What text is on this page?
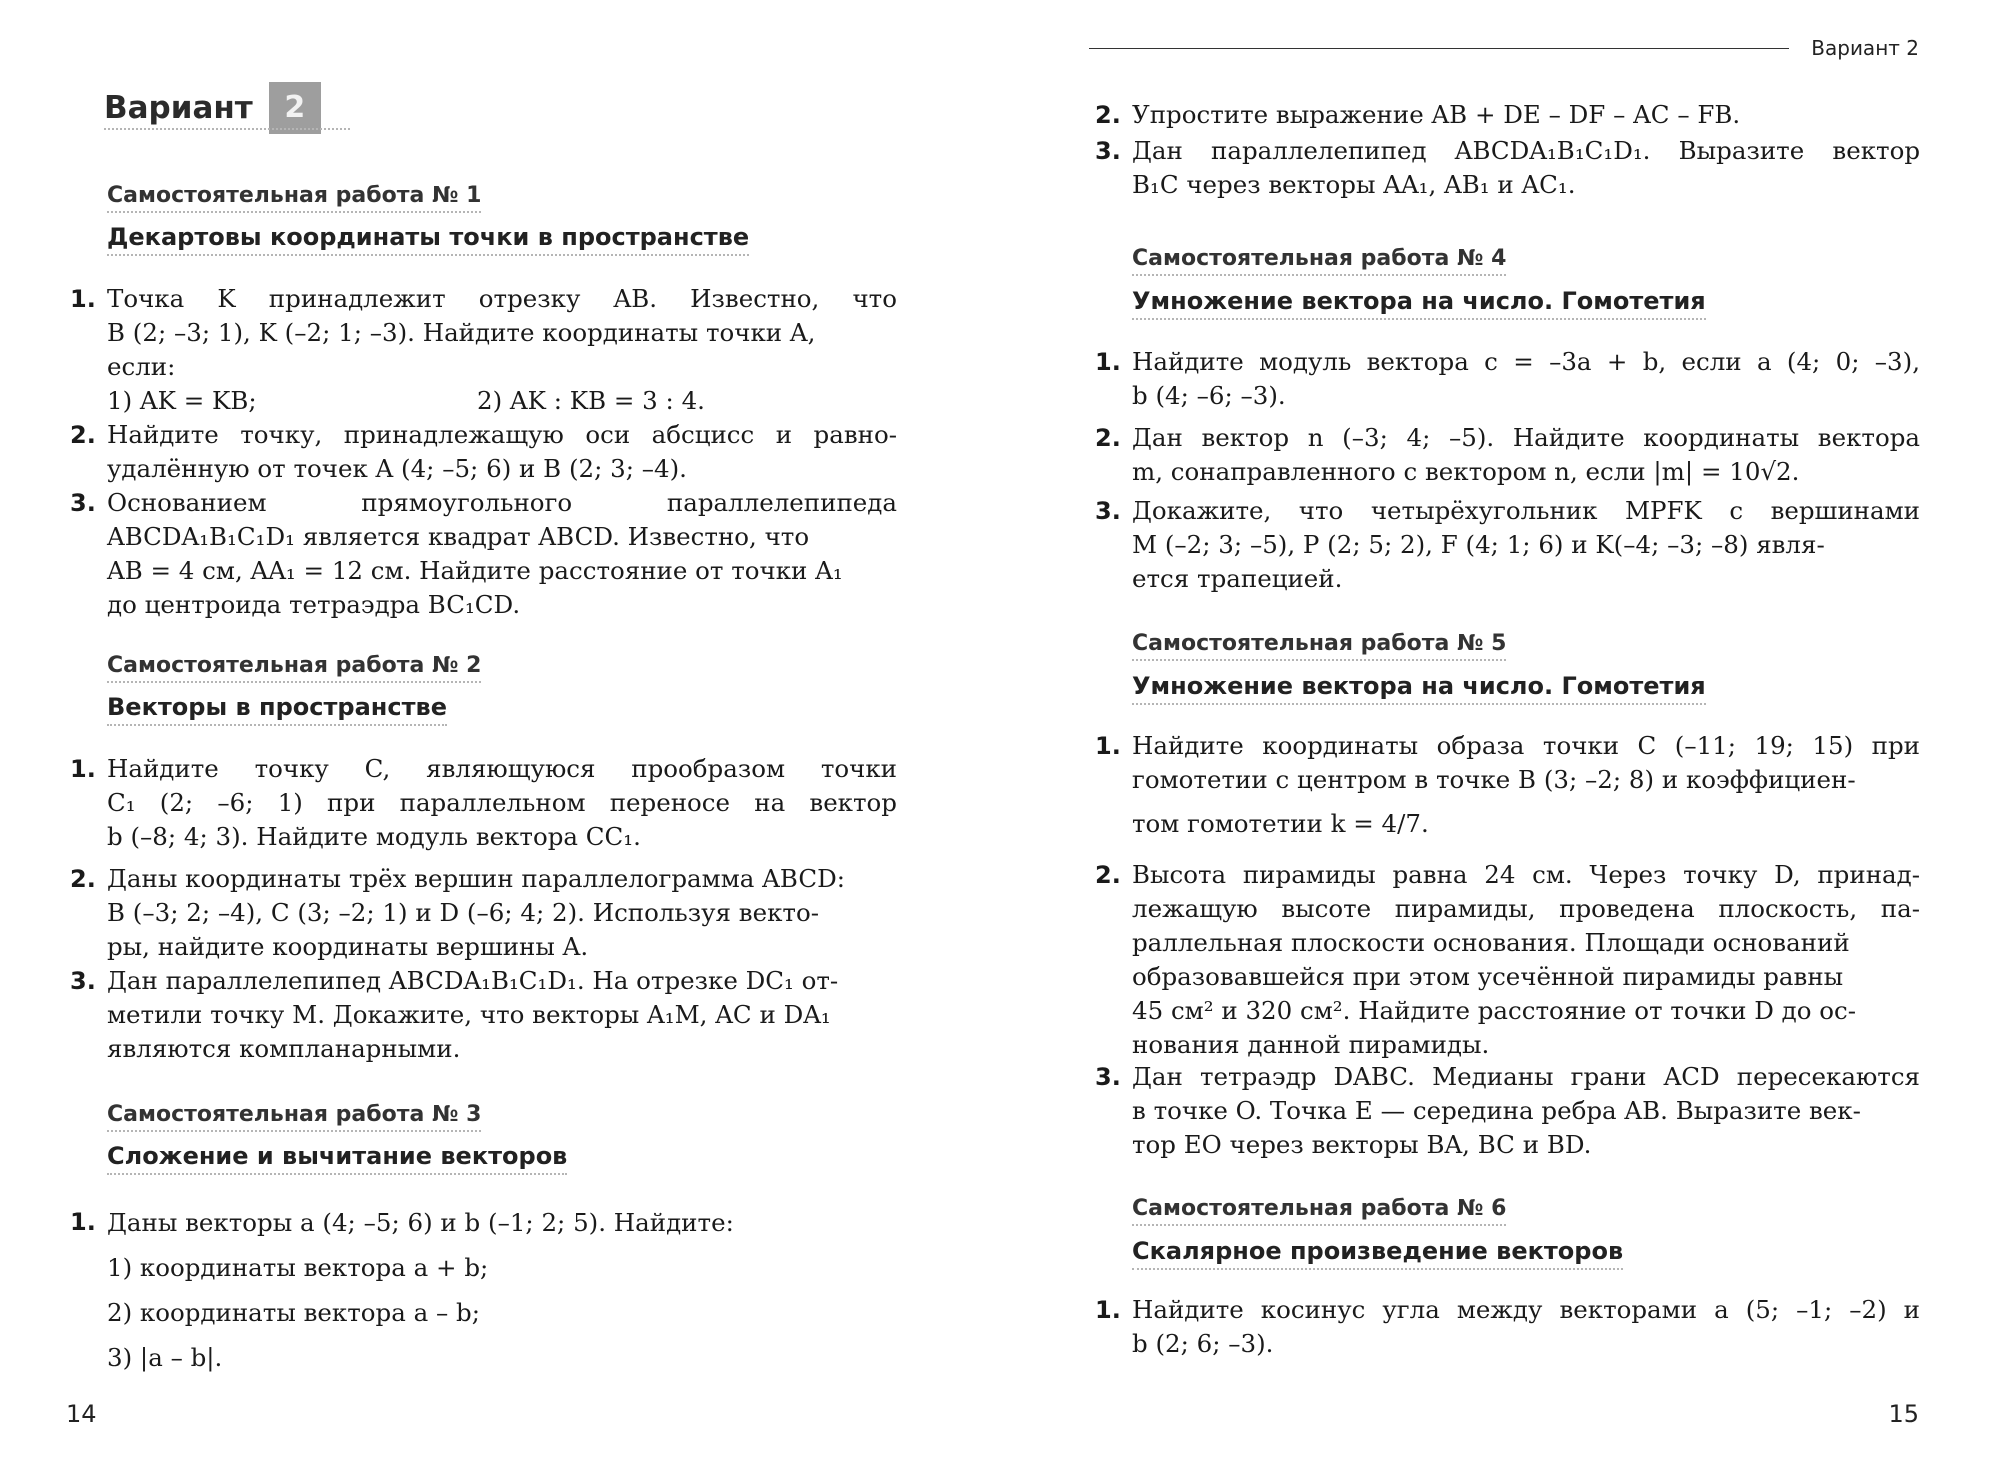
Вариант	2
Самостоятельная работа № 1
Декартовы координаты точки в пространстве
1. Точка K принадлежит отрезку AB. Известно, что
B (2; –3; 1), K (–2; 1; –3). Найдите координаты точки A,
если:
1) AK = KB;	2) AK : KB = 3 : 4.
2. Найдите точку, принадлежащую оси абсцисс и равно-
удалённую от точек A (4; –5; 6) и B (2; 3; –4).
3. Основанием прямоугольного параллелепипеда
ABCDA₁B₁C₁D₁ является квадрат ABCD. Известно, что
AB = 4 см, AA₁ = 12 см. Найдите расстояние от точки A₁
до центроида тетраэдра BC₁CD.
Самостоятельная работа № 2
Векторы в пространстве
1. Найдите точку C, являющуюся прообразом точки
C₁ (2; –6; 1) при параллельном переносе на вектор
b (–8; 4; 3). Найдите модуль вектора CC₁.
2. Даны координаты трёх вершин параллелограмма ABCD:
B (–3; 2; –4), C (3; –2; 1) и D (–6; 4; 2). Используя векто-
ры, найдите координаты вершины A.
3. Дан параллелепипед ABCDA₁B₁C₁D₁. На отрезке DC₁ от-
метили точку M. Докажите, что векторы A₁M, AC и DA₁
являются компланарными.
Самостоятельная работа № 3
Сложение и вычитание векторов
1. Даны векторы a (4; –5; 6) и b (–1; 2; 5). Найдите:
1) координаты вектора a + b;
2) координаты вектора a – b;
3) |a – b|.
14
Вариант 2
2. Упростите выражение AB + DE – DF – AC – FB.
3. Дан параллелепипед ABCDA₁B₁C₁D₁. Выразите вектор
B₁C через векторы AA₁, AB₁ и AC₁.
Самостоятельная работа № 4
Умножение вектора на число. Гомотетия
1. Найдите модуль вектора c = –3a + b, если a (4; 0; –3),
b (4; –6; –3).
2. Дан вектор n (–3; 4; –5). Найдите координаты вектора
m, сонаправленного с вектором n, если |m| = 10√2.
3. Докажите, что четырёхугольник MPFK с вершинами
M (–2; 3; –5), P (2; 5; 2), F (4; 1; 6) и K(–4; –3; –8) явля-
ется трапецией.
Самостоятельная работа № 5
Умножение вектора на число. Гомотетия
1. Найдите координаты образа точки C (–11; 19; 15) при
гомотетии с центром в точке B (3; –2; 8) и коэффициен-
том гомотетии k = 4/7.
2. Высота пирамиды равна 24 см. Через точку D, принад-
лежащую высоте пирамиды, проведена плоскость, па-
раллельная плоскости основания. Площади оснований
образовавшейся при этом усечённой пирамиды равны
45 см² и 320 см². Найдите расстояние от точки D до ос-
нования данной пирамиды.
3. Дан тетраэдр DABC. Медианы грани ACD пересекаются
в точке O. Точка E — середина ребра AB. Выразите век-
тор EO через векторы BA, BC и BD.
Самостоятельная работа № 6
Скалярное произведение векторов
1. Найдите косинус угла между векторами a (5; –1; –2) и
b (2; 6; –3).
15
